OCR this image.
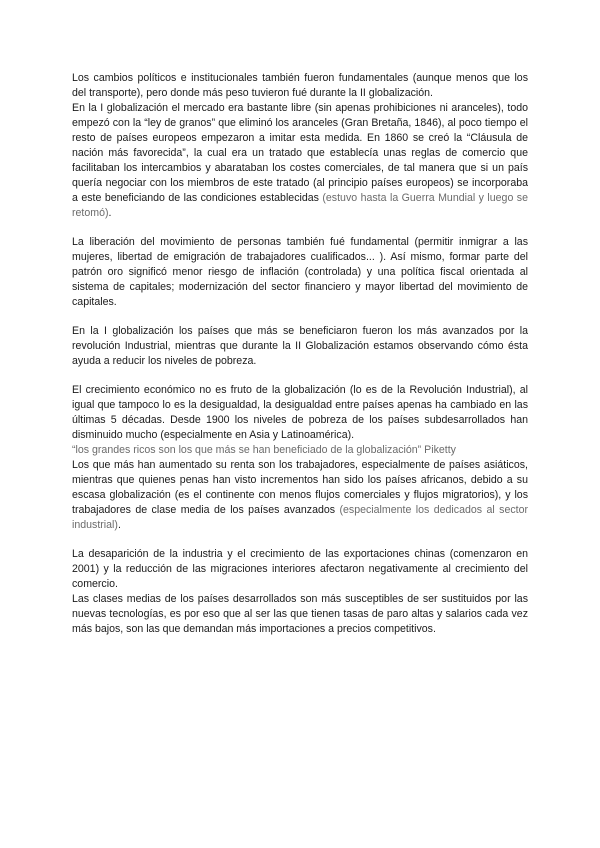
Los cambios políticos e institucionales también fueron fundamentales (aunque menos que los del transporte), pero donde más peso tuvieron fué durante la II globalización.

En la I globalización el mercado era bastante libre (sin apenas prohibiciones ni aranceles), todo empezó con la “ley de granos” que eliminó los aranceles (Gran Bretaña, 1846), al poco tiempo el resto de países europeos empezaron a imitar esta medida. En 1860 se creó la “Cláusula de nación más favorecida”, la cual era un tratado que establecía unas reglas de comercio que facilitaban los intercambios y abarataban los costes comerciales, de tal manera que si un país quería negociar con los miembros de este tratado (al principio países europeos) se incorporaba a este beneficiando de las condiciones establecidas (estuvo hasta la Guerra Mundial y luego se retomó).

La liberación del movimiento de personas también fué fundamental (permitir inmigrar a las mujeres, libertad de emigración de trabajadores cualificados... ). Así mismo, formar parte del patrón oro significó menor riesgo de inflación (controlada) y una política fiscal orientada al sistema de capitales; modernización del sector financiero y mayor libertad del movimiento de capitales.

En la I globalización los países que más se beneficiaron fueron los más avanzados por la revolución Industrial, mientras que durante la II Globalización estamos observando cómo ésta ayuda a reducir los niveles de pobreza.

El crecimiento económico no es fruto de la globalización (lo es de la Revolución Industrial), al igual que tampoco lo es la desigualdad, la desigualdad entre países apenas ha cambiado en las últimas 5 décadas. Desde 1900 los niveles de pobreza de los países subdesarrollados han disminuido mucho (especialmente en Asia y Latinoamérica).

“los grandes ricos son los que más se han beneficiado de la globalización” Piketty

Los que más han aumentado su renta son los trabajadores, especialmente de países asiáticos, mientras que quienes penas han visto incrementos han sido los países africanos, debido a su escasa globalización (es el continente con menos flujos comerciales y flujos migratorios), y los trabajadores de clase media de los países avanzados (especialmente los dedicados al sector industrial).

La desaparición de la industria y el crecimiento de las exportaciones chinas (comenzaron en 2001) y la reducción de las migraciones interiores afectaron negativamente al crecimiento del comercio.

Las clases medias de los países desarrollados son más susceptibles de ser sustituidos por las nuevas tecnologías, es por eso que al ser las que tienen tasas de paro altas y salarios cada vez más bajos, son las que demandan más importaciones a precios competitivos.
